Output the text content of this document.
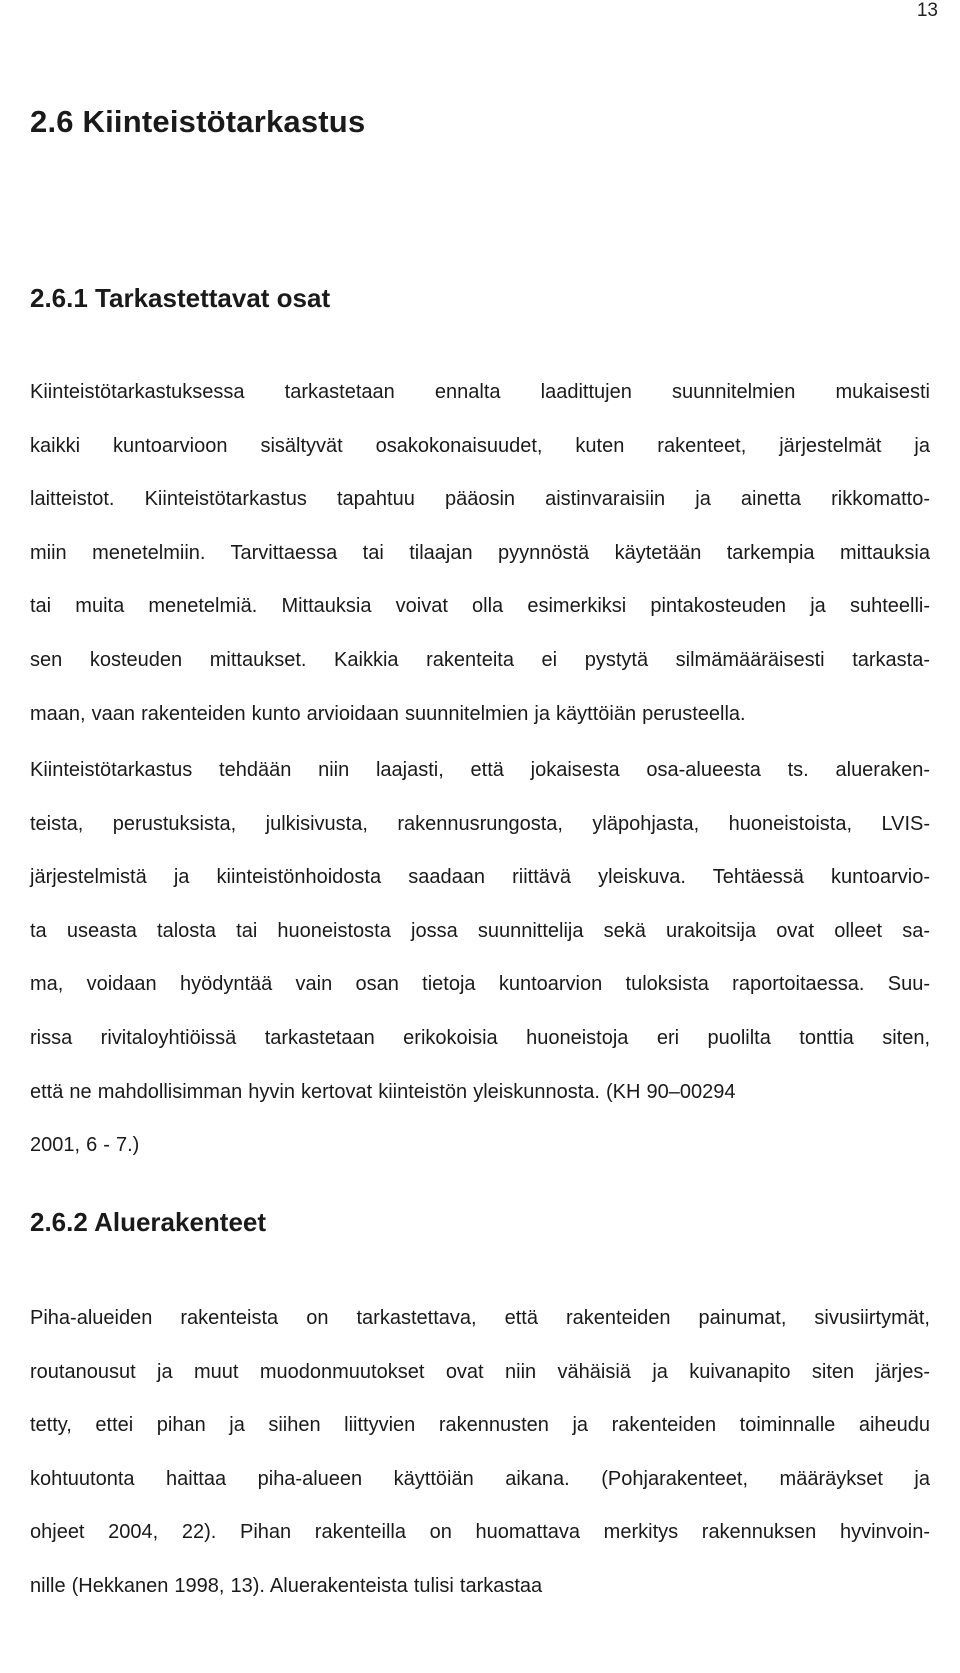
13
2.6 Kiinteistötarkastus
2.6.1 Tarkastettavat osat

Kiinteistötarkastuksessa tarkastetaan ennalta laadittujen suunnitelmien mukaisesti
kaikki kuntoarvioon sisältyvät osakokonaisuudet, kuten rakenteet, järjestelmät ja
laitteistot. Kiinteistötarkastus tapahtuu pääosin aistinvaraisiin ja ainetta rikkomatto-
miin menetelmiin. Tarvittaessa tai tilaajan pyynnöstä käytetään tarkempia mittauksia
tai muita menetelmiä. Mittauksia voivat olla esimerkiksi pintakosteuden ja suhteelli-
sen kosteuden mittaukset. Kaikkia rakenteita ei pystytä silmämääräisesti tarkasta-
maan, vaan rakenteiden kunto arvioidaan suunnitelmien ja käyttöiän perusteella.

Kiinteistötarkastus tehdään niin laajasti, että jokaisesta osa-alueesta ts. alueraken-
teista, perustuksista, julkisivusta, rakennusrungosta, yläpohjasta, huoneistoista, LVIS-
järjestelmistä ja kiinteistönhoidosta saadaan riittävä yleiskuva. Tehtäessä kuntoarvio-
ta useasta talosta tai huoneistosta jossa suunnittelija sekä urakoitsija ovat olleet sa-
ma, voidaan hyödyntää vain osan tietoja kuntoarvion tuloksista raportoitaessa. Suu-
rissa rivitaloyhtiöissä tarkastetaan erikokoisia huoneistoja eri puolilta tonttia siten,
että ne mahdollisimman hyvin kertovat kiinteistön yleiskunnosta. (KH 90–00294
2001, 6 - 7.)

2.6.2 Aluerakenteet

Piha-alueiden rakenteista on tarkastettava, että rakenteiden painumat, sivusiirtymät,
routanousut ja muut muodonmuutokset ovat niin vähäisiä ja kuivanapito siten järjes-
tetty, ettei pihan ja siihen liittyvien rakennusten ja rakenteiden toiminnalle aiheudu
kohtuutonta haittaa piha-alueen käyttöiän aikana. (Pohjarakenteet, määräykset ja
ohjeet 2004, 22). Pihan rakenteilla on huomattava merkitys rakennuksen hyvinvoin-
nille (Hekkanen 1998, 13). Aluerakenteista tulisi tarkastaa
